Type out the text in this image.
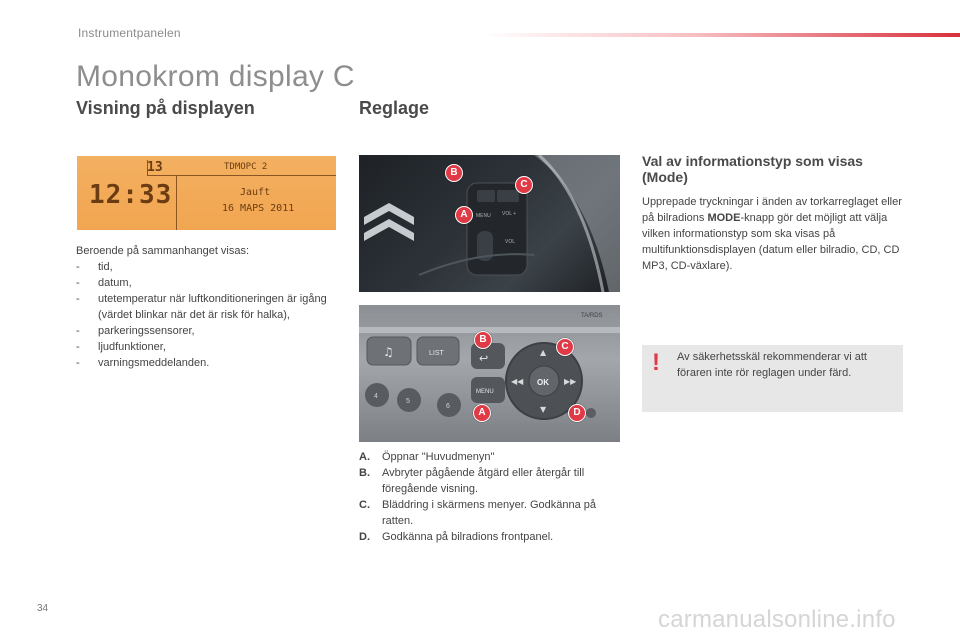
Instrumentpanelen
Monokrom display C
Visning på displayen	Reglage
13	TDMOPC 2
12:33	Jauft
16 MAPS 2011
Beroende på sammanhanget visas:
- tid,
- datum,
- utetemperatur när luftkonditioneringen är igång (värdet blinkar när det är risk för halka),
- parkeringssensorer,
- ljudfunktioner,
- varningsmeddelanden.
MENU VOL +
VOL
B
C
A
LIST
♫
4
5
6
↩
MENU
OK
▲
▼
◀◀	▶▶
TA/RDS
B
C
A	D
A. Öppnar "Huvudmenyn"
B. Avbryter pågående åtgärd eller återgår till föregående visning.
C. Bläddring i skärmens menyer. Godkänna på ratten.
D. Godkänna på bilradions frontpanel.
Val av informationstyp som visas (Mode)
Upprepade tryckningar i änden av torkarreglaget eller på bilradions MODE-knapp gör det möjligt att välja vilken informationstyp som ska visas på multifunktionsdisplayen (datum eller bilradio, CD, CD MP3, CD-växlare).
! Av säkerhetsskäl rekommenderar vi att föraren inte rör reglagen under färd.
34	carmanualsonline.info
